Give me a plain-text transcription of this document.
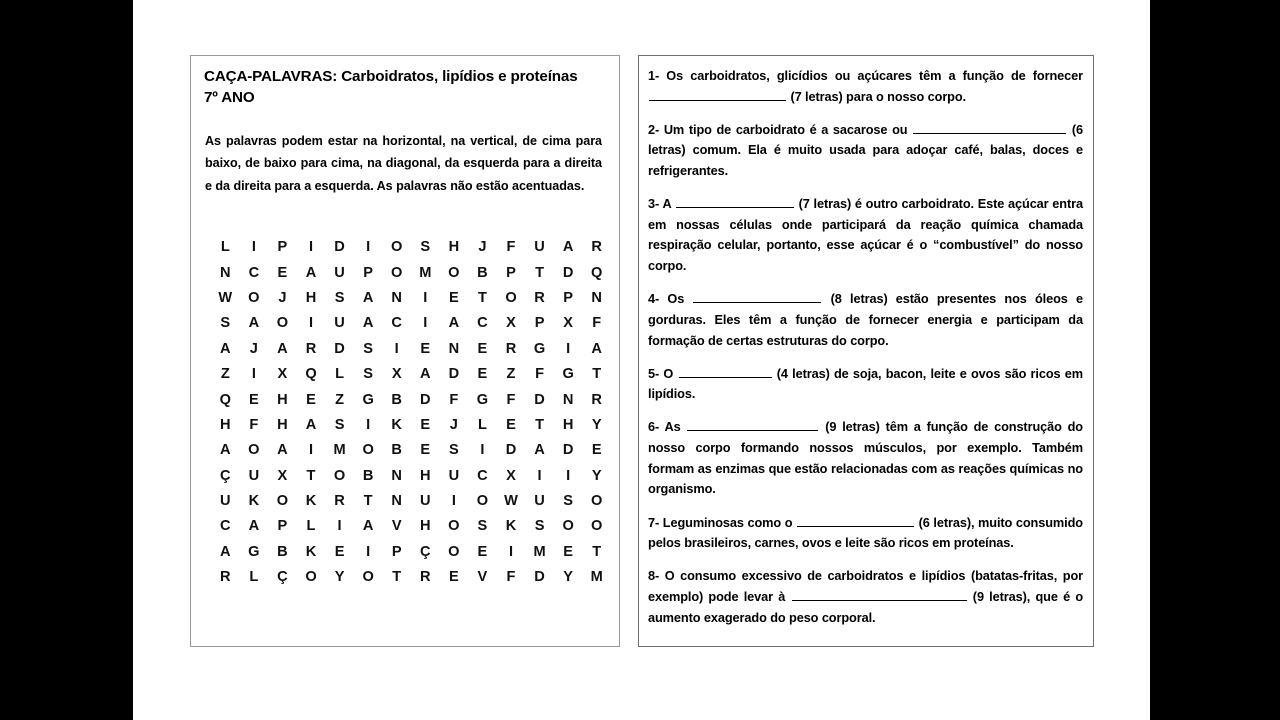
CAÇA-PALAVRAS: Carboidratos, lipídios e proteínas
7º ANO

As palavras podem estar na horizontal, na vertical, de cima para baixo, de baixo para cima, na diagonal, da esquerda para a direita e da direita para a esquerda. As palavras não estão acentuadas.

L	I	P	I	D	I	O	S	H	J	F	U	A	R
N	C	E	A	U	P	O	M	O	B	P	T	D	Q
W	O	J	H	S	A	N	I	E	T	O	R	P	N
S	A	O	I	U	A	C	I	A	C	X	P	X	F
A	J	A	R	D	S	I	E	N	E	R	G	I	A
Z	I	X	Q	L	S	X	A	D	E	Z	F	G	T
Q	E	H	E	Z	G	B	D	F	G	F	D	N	R
H	F	H	A	S	I	K	E	J	L	E	T	H	Y
A	O	A	I	M	O	B	E	S	I	D	A	D	E
Ç	U	X	T	O	B	N	H	U	C	X	I	I	Y
U	K	O	K	R	T	N	U	I	O	W	U	S	O
C	A	P	L	I	A	V	H	O	S	K	S	O	O
A	G	B	K	E	I	P	Ç	O	E	I	M	E	T
R	L	Ç	O	Y	O	T	R	E	V	F	D	Y	M

1- Os carboidratos, glicídios ou açúcares têm a função de fornecer  (7 letras) para o nosso corpo.

2- Um tipo de carboidrato é a sacarose ou	(6 letras) comum. Ela é muito usada para adoçar café, balas, doces e refrigerantes.

3- A	(7 letras) é outro carboidrato. Este açúcar entra em nossas células onde participará da reação química chamada respiração celular, portanto, esse açúcar é o “combustível” do nosso corpo.

4- Os	(8 letras) estão presentes nos óleos e gorduras. Eles têm a função de fornecer energia e participam da formação de certas estruturas do corpo.

5- O	(4 letras) de soja, bacon, leite e ovos são ricos em lipídios.

6- As	(9 letras) têm a função de construção do nosso corpo formando nossos músculos, por exemplo. Também formam as enzimas que estão relacionadas com as reações químicas no organismo.

7- Leguminosas como o	(6 letras), muito consumido pelos brasileiros, carnes, ovos e leite são ricos em proteínas.

8- O consumo excessivo de carboidratos e lipídios (batatas-fritas, por exemplo) pode levar à	(9 letras), que é o aumento exagerado do peso corporal.
